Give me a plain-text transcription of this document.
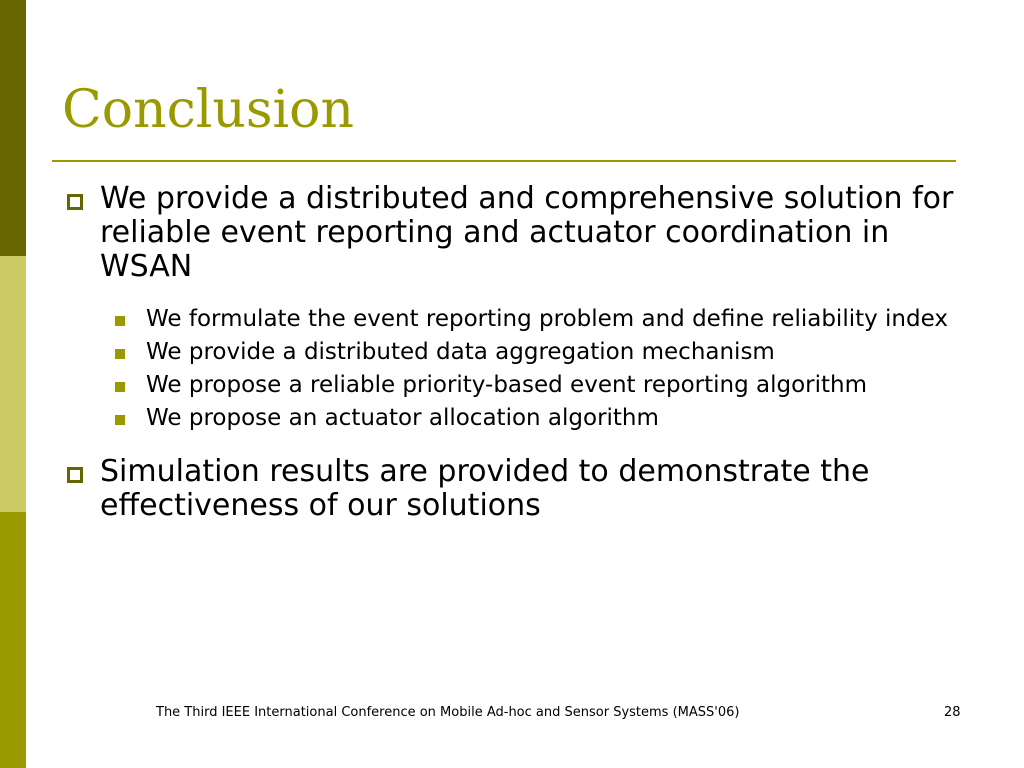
Conclusion
We provide a distributed and comprehensive solution for reliable event reporting and actuator coordination in WSAN
We formulate the event reporting problem and define reliability index
We provide a distributed data aggregation mechanism
We propose a reliable priority-based event reporting algorithm
We propose an actuator allocation algorithm
Simulation results are provided to demonstrate the effectiveness of our solutions
The Third IEEE International Conference on Mobile Ad-hoc and Sensor Systems (MASS'06)	28
